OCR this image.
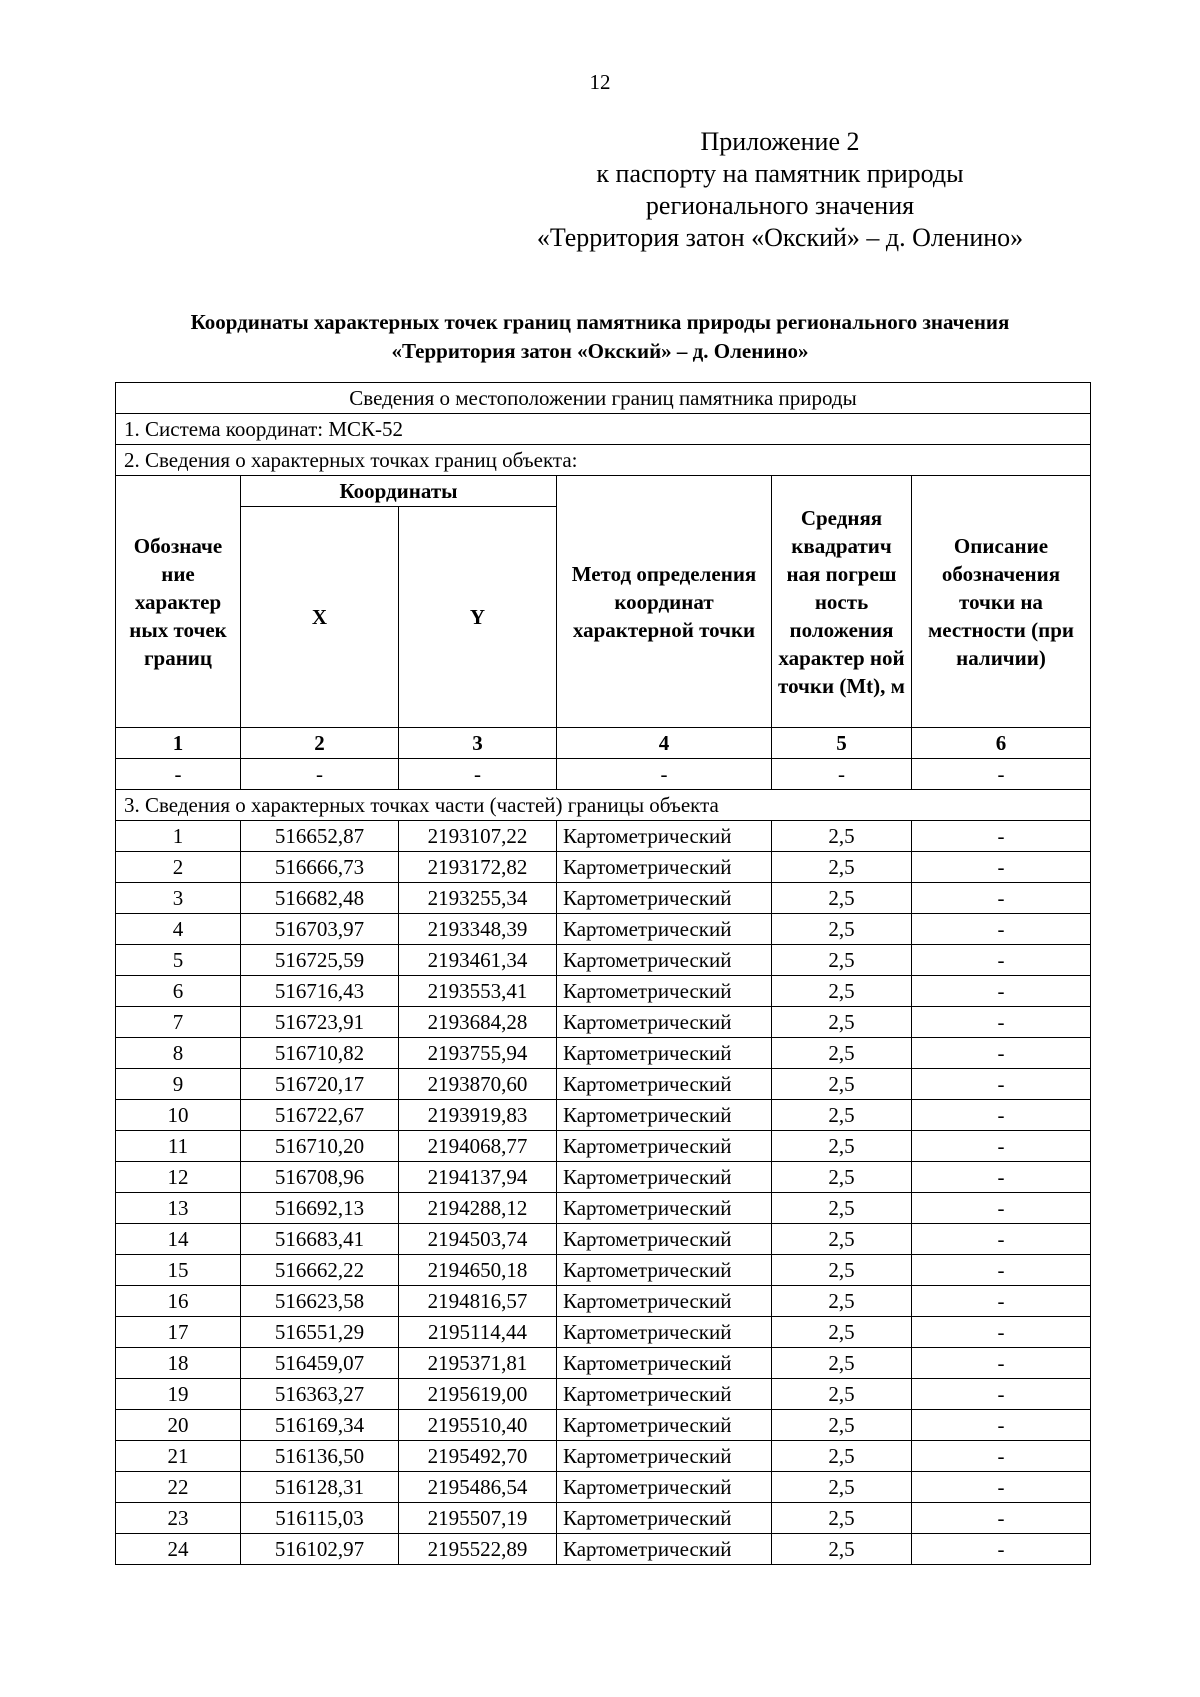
12
Приложение 2
к паспорту на памятник природы
регионального значения
«Территория затон «Окский» – д. Оленино»
Координаты характерных точек границ памятника природы регионального значения
«Территория затон «Окский» – д. Оленино»
Сведения о местоположении границ памятника природы					
1. Система координат: МСК-52					
2. Сведения о характерных точках границ объекта:					
Обозначе ние характер ных точек границ	Координаты		Метод определения координат характерной точки	Средняя квадратич ная погреш ность положения характер ной точки (Mt), м	Описание обозначения точки на местности (при наличии)
	X	Y			
1	2	3	4	5	6
-	-	-	-	-	-
3. Сведения о характерных точках части (частей) границы объекта					
1	516652,87	2193107,22	Картометрический	2,5	-
2	516666,73	2193172,82	Картометрический	2,5	-
3	516682,48	2193255,34	Картометрический	2,5	-
4	516703,97	2193348,39	Картометрический	2,5	-
5	516725,59	2193461,34	Картометрический	2,5	-
6	516716,43	2193553,41	Картометрический	2,5	-
7	516723,91	2193684,28	Картометрический	2,5	-
8	516710,82	2193755,94	Картометрический	2,5	-
9	516720,17	2193870,60	Картометрический	2,5	-
10	516722,67	2193919,83	Картометрический	2,5	-
11	516710,20	2194068,77	Картометрический	2,5	-
12	516708,96	2194137,94	Картометрический	2,5	-
13	516692,13	2194288,12	Картометрический	2,5	-
14	516683,41	2194503,74	Картометрический	2,5	-
15	516662,22	2194650,18	Картометрический	2,5	-
16	516623,58	2194816,57	Картометрический	2,5	-
17	516551,29	2195114,44	Картометрический	2,5	-
18	516459,07	2195371,81	Картометрический	2,5	-
19	516363,27	2195619,00	Картометрический	2,5	-
20	516169,34	2195510,40	Картометрический	2,5	-
21	516136,50	2195492,70	Картометрический	2,5	-
22	516128,31	2195486,54	Картометрический	2,5	-
23	516115,03	2195507,19	Картометрический	2,5	-
24	516102,97	2195522,89	Картометрический	2,5	-
